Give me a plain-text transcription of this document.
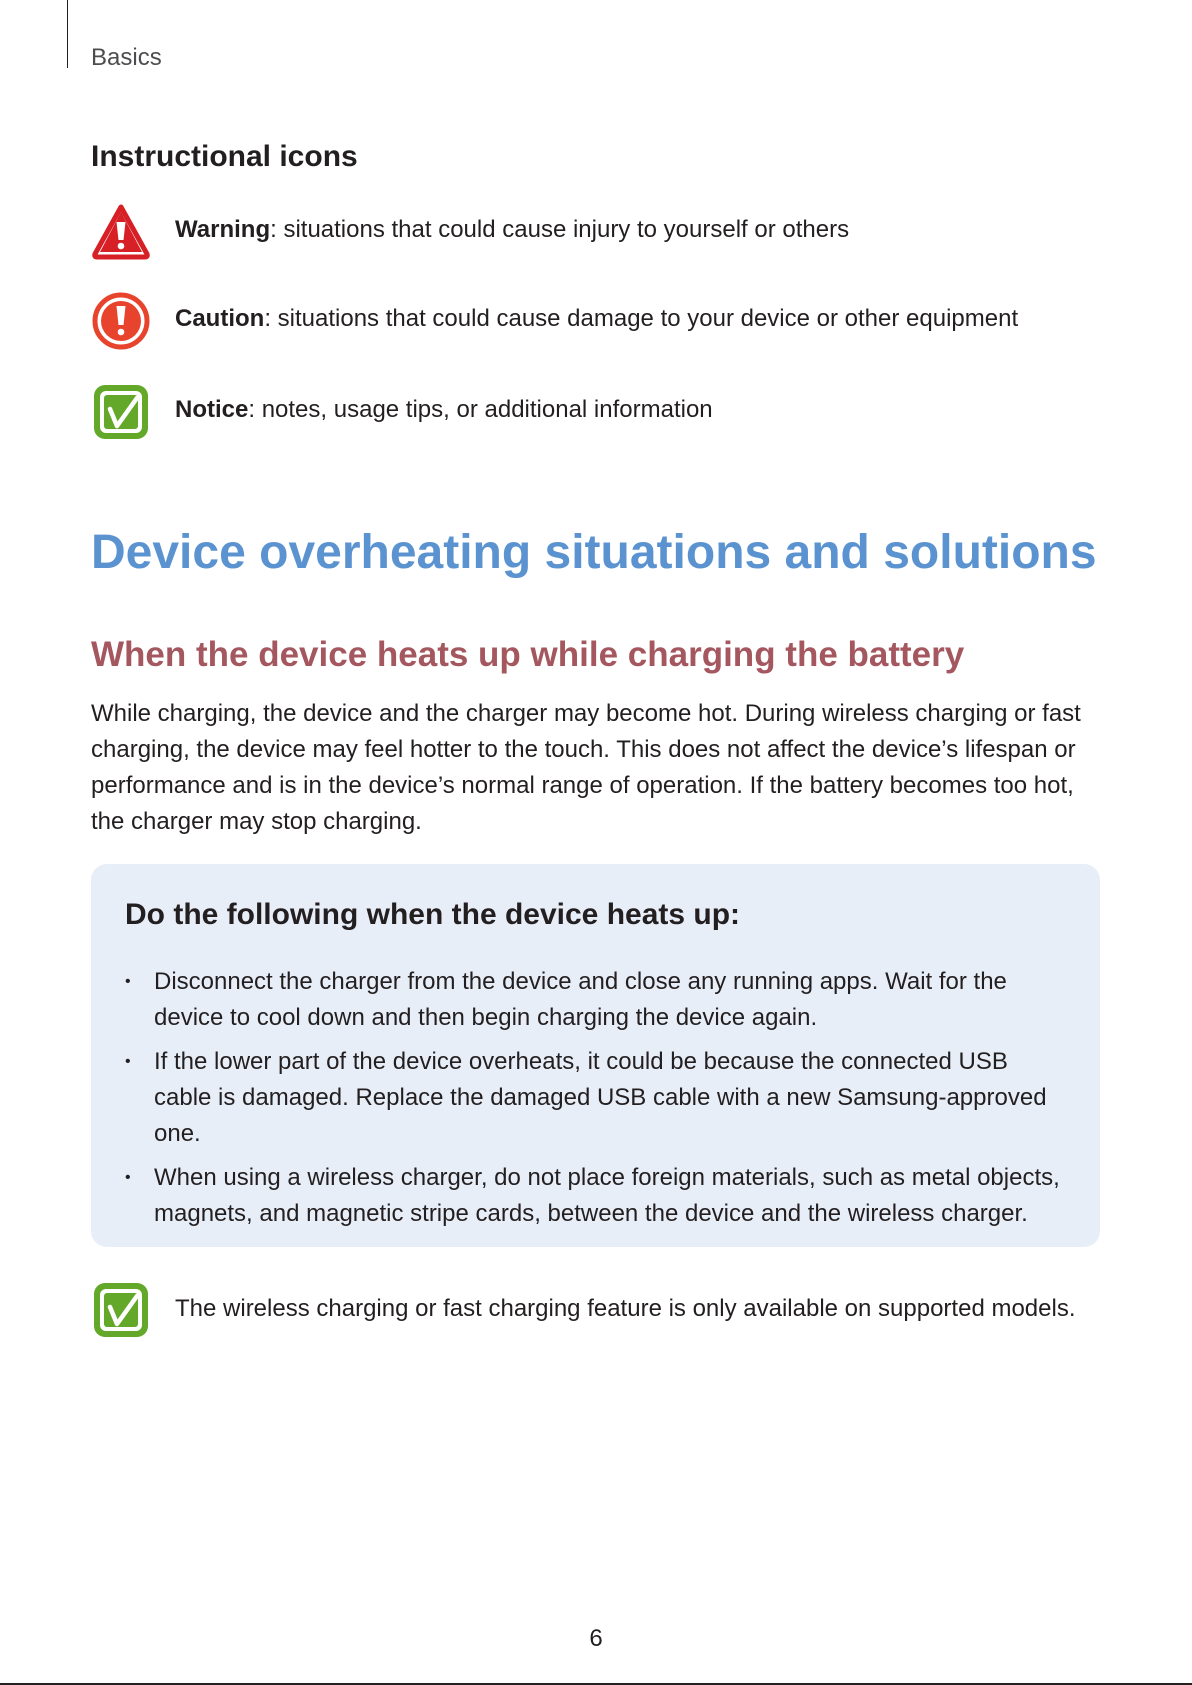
Basics
Instructional icons
Warning: situations that could cause injury to yourself or others
Caution: situations that could cause damage to your device or other equipment
Notice: notes, usage tips, or additional information
Device overheating situations and solutions
When the device heats up while charging the battery

While charging, the device and the charger may become hot. During wireless charging or fast charging, the device may feel hotter to the touch. This does not affect the device’s lifespan or performance and is in the device’s normal range of operation. If the battery becomes too hot, the charger may stop charging.

Do the following when the device heats up:
• Disconnect the charger from the device and close any running apps. Wait for the device to cool down and then begin charging the device again.
• If the lower part of the device overheats, it could be because the connected USB cable is damaged. Replace the damaged USB cable with a new Samsung-approved one.
• When using a wireless charger, do not place foreign materials, such as metal objects, magnets, and magnetic stripe cards, between the device and the wireless charger.
The wireless charging or fast charging feature is only available on supported models.
6
